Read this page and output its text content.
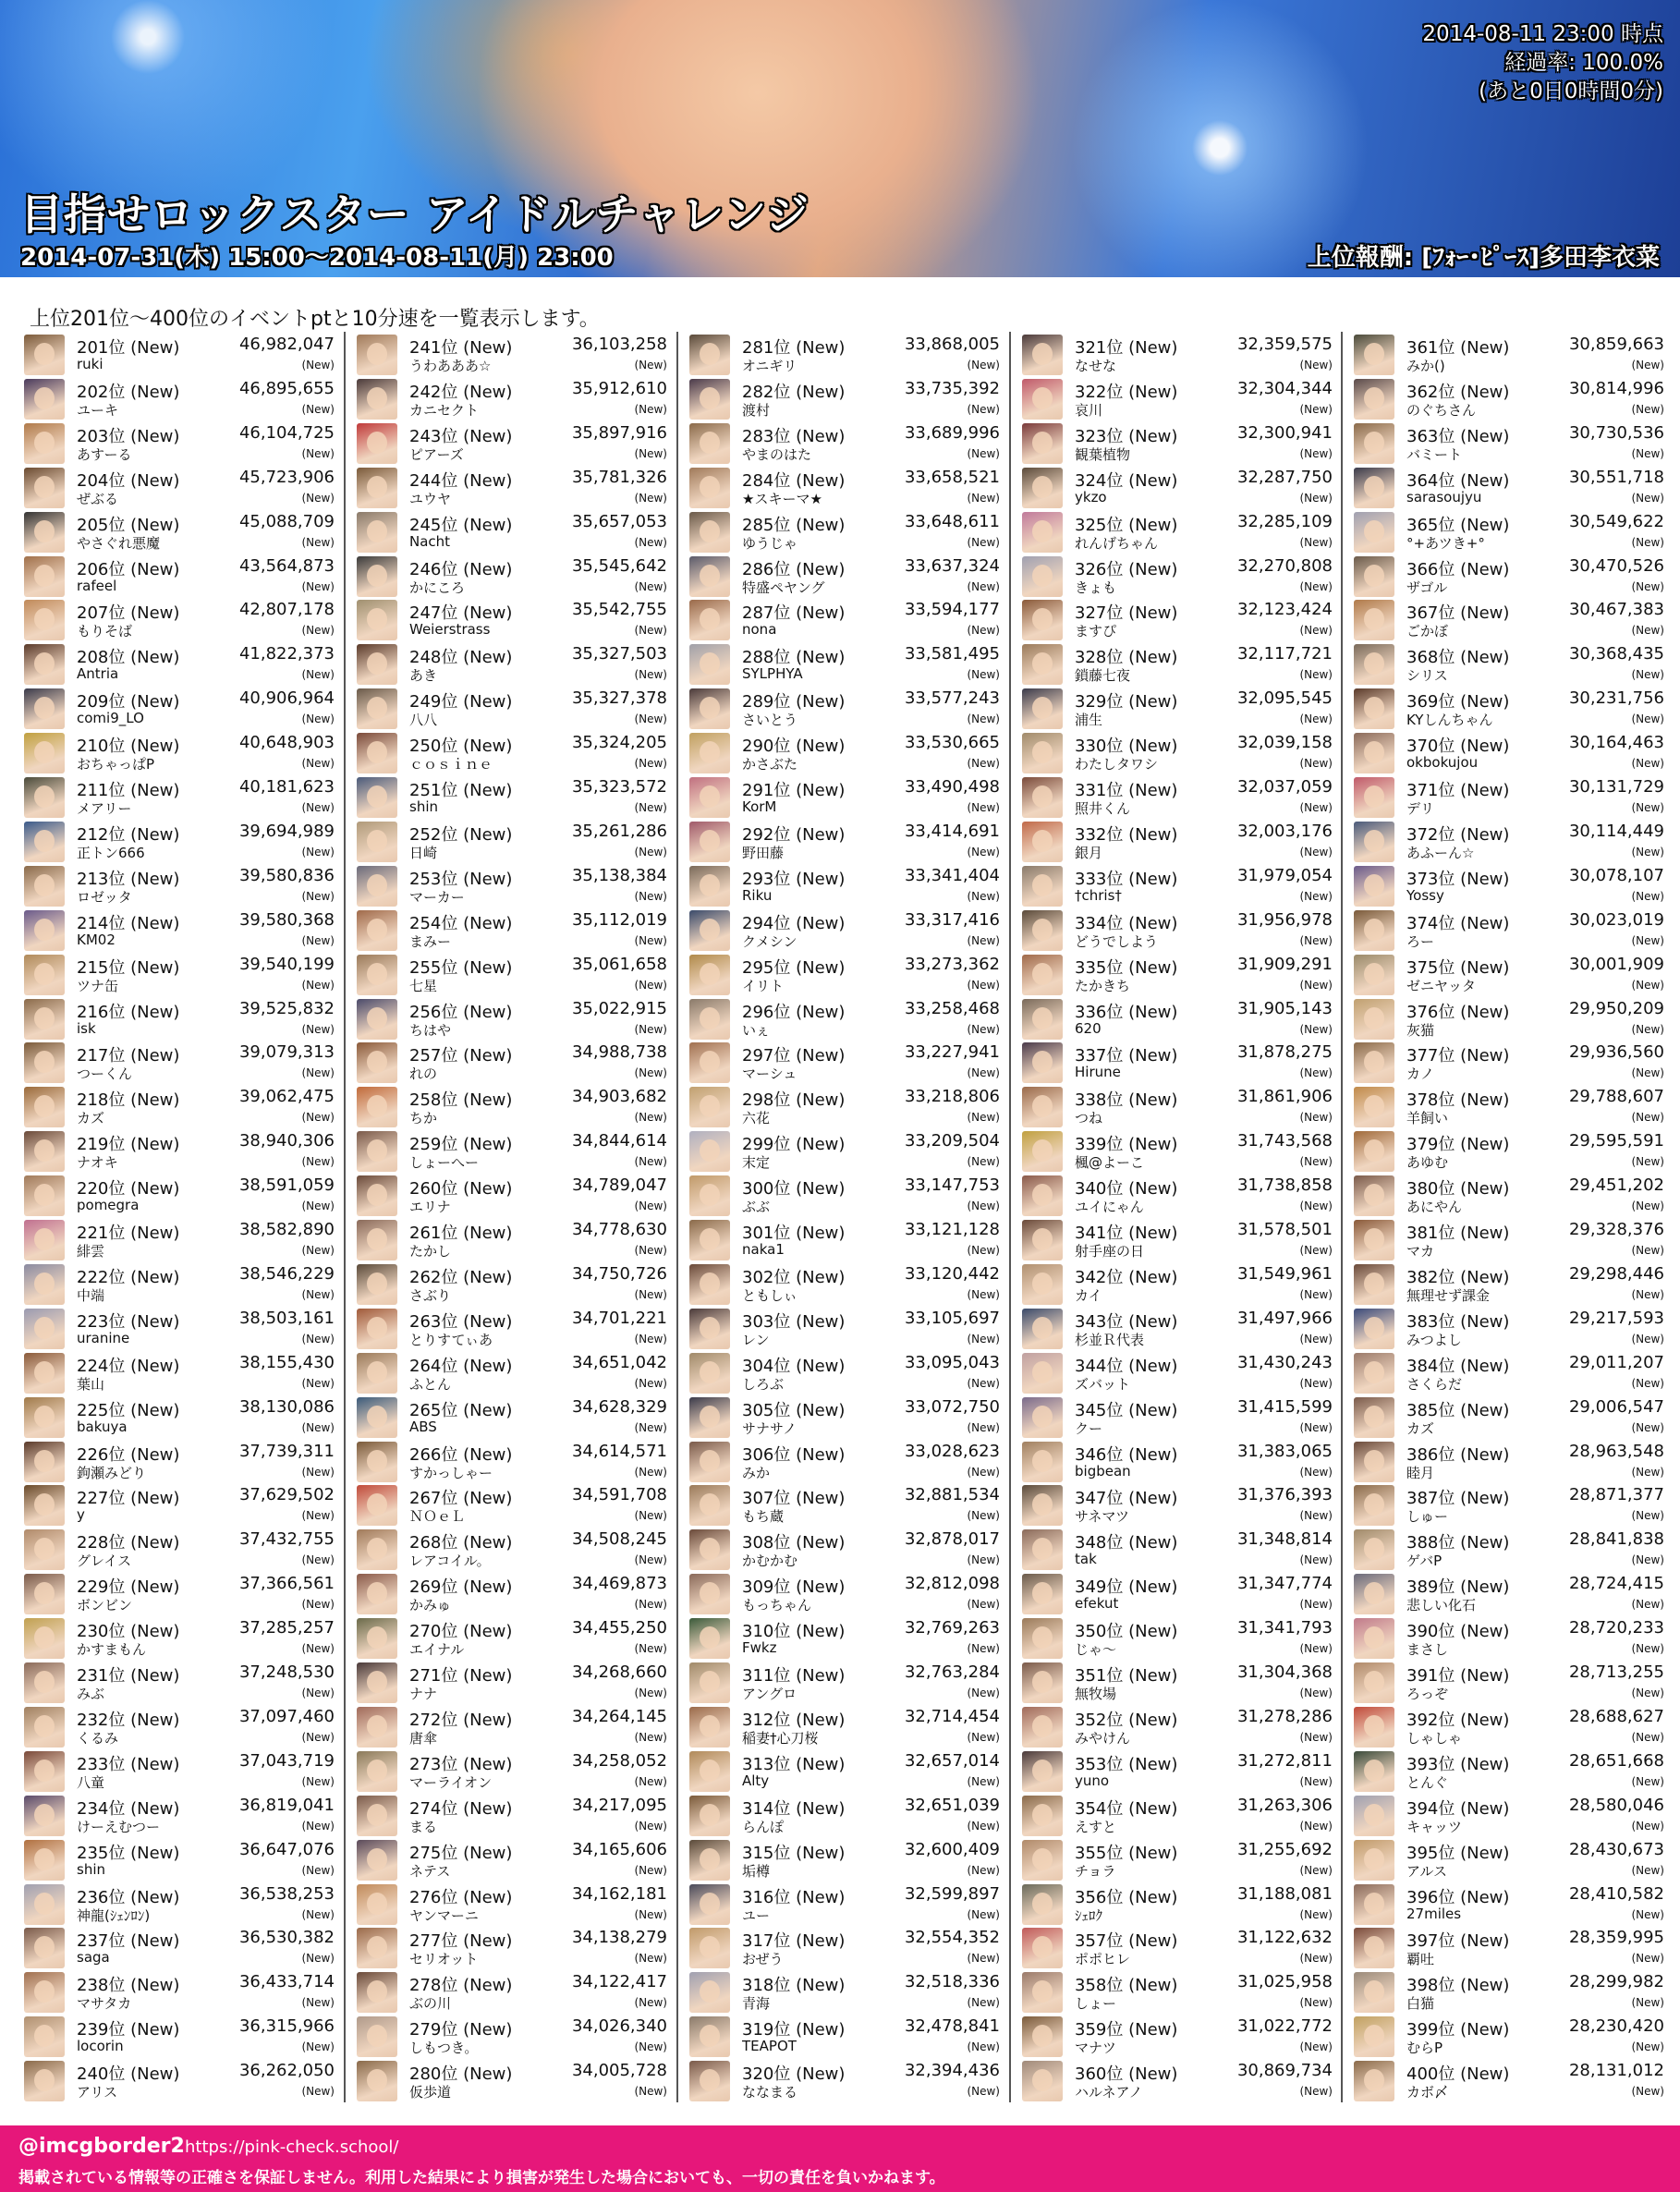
2014-08-11 23:00 時点
経過率: 100.0%
(あと0日0時間0分)
目指せロックスター アイドルチャレンジ
2014-07-31(木) 15:00～2014-08-11(月) 23:00	上位報酬: [ﾌｫｰ･ﾋﾟｰｽ]多田李衣菜
上位201位～400位のイベントptと10分速を一覧表示します。
201位 (New)	46,982,047
ruki	(New)
202位 (New)	46,895,655
ユーキ	(New)
203位 (New)	46,104,725
あすーる	(New)
204位 (New)	45,723,906
ぜぶる	(New)
205位 (New)	45,088,709
やさぐれ悪魔	(New)
206位 (New)	43,564,873
rafeel	(New)
207位 (New)	42,807,178
もりそば	(New)
208位 (New)	41,822,373
Antria	(New)
209位 (New)	40,906,964
comi9_LO	(New)
210位 (New)	40,648,903
おちゃっぱP	(New)
211位 (New)	40,181,623
メアリー	(New)
212位 (New)	39,694,989
正トン666	(New)
213位 (New)	39,580,836
ロゼッタ	(New)
214位 (New)	39,580,368
KM02	(New)
215位 (New)	39,540,199
ツナ缶	(New)
216位 (New)	39,525,832
isk	(New)
217位 (New)	39,079,313
つーくん	(New)
218位 (New)	39,062,475
カズ	(New)
219位 (New)	38,940,306
ナオキ	(New)
220位 (New)	38,591,059
pomegra	(New)
221位 (New)	38,582,890
緋雲	(New)
222位 (New)	38,546,229
中端	(New)
223位 (New)	38,503,161
uranine	(New)
224位 (New)	38,155,430
葉山	(New)
225位 (New)	38,130,086
bakuya	(New)
226位 (New)	37,739,311
鉤瀬みどり	(New)
227位 (New)	37,629,502
y	(New)
228位 (New)	37,432,755
グレイス	(New)
229位 (New)	37,366,561
ボンビン	(New)
230位 (New)	37,285,257
かすまもん	(New)
231位 (New)	37,248,530
みぶ	(New)
232位 (New)	37,097,460
くるみ	(New)
233位 (New)	37,043,719
八童	(New)
234位 (New)	36,819,041
けーえむつー	(New)
235位 (New)	36,647,076
shin	(New)
236位 (New)	36,538,253
神龍(ｼｪﾝﾛﾝ)	(New)
237位 (New)	36,530,382
saga	(New)
238位 (New)	36,433,714
マサタカ	(New)
239位 (New)	36,315,966
locorin	(New)
240位 (New)	36,262,050
アリス	(New)
241位 (New)	36,103,258
うわあああ☆	(New)
242位 (New)	35,912,610
カニセクト	(New)
243位 (New)	35,897,916
ピアーズ	(New)
244位 (New)	35,781,326
ユウヤ	(New)
245位 (New)	35,657,053
Nacht	(New)
246位 (New)	35,545,642
かにころ	(New)
247位 (New)	35,542,755
Weierstrass	(New)
248位 (New)	35,327,503
あき	(New)
249位 (New)	35,327,378
八八	(New)
250位 (New)	35,324,205
ｃｏｓｉｎｅ	(New)
251位 (New)	35,323,572
shin	(New)
252位 (New)	35,261,286
日崎	(New)
253位 (New)	35,138,384
マーカー	(New)
254位 (New)	35,112,019
まみー	(New)
255位 (New)	35,061,658
七星	(New)
256位 (New)	35,022,915
ちはや	(New)
257位 (New)	34,988,738
れの	(New)
258位 (New)	34,903,682
ちか	(New)
259位 (New)	34,844,614
しょーへー	(New)
260位 (New)	34,789,047
エリナ	(New)
261位 (New)	34,778,630
たかし	(New)
262位 (New)	34,750,726
さぶり	(New)
263位 (New)	34,701,221
とりすてぃあ	(New)
264位 (New)	34,651,042
ふとん	(New)
265位 (New)	34,628,329
ABS	(New)
266位 (New)	34,614,571
すかっしゃー	(New)
267位 (New)	34,591,708
ＮＯｅＬ	(New)
268位 (New)	34,508,245
レアコイル。	(New)
269位 (New)	34,469,873
かみゅ	(New)
270位 (New)	34,455,250
エイナル	(New)
271位 (New)	34,268,660
ナナ	(New)
272位 (New)	34,264,145
唐傘	(New)
273位 (New)	34,258,052
マーライオン	(New)
274位 (New)	34,217,095
まる	(New)
275位 (New)	34,165,606
ネテス	(New)
276位 (New)	34,162,181
ヤンマーニ	(New)
277位 (New)	34,138,279
セリオット	(New)
278位 (New)	34,122,417
ぶの川	(New)
279位 (New)	34,026,340
しもつき。	(New)
280位 (New)	34,005,728
仮歩道	(New)
281位 (New)	33,868,005
オニギリ	(New)
282位 (New)	33,735,392
渡村	(New)
283位 (New)	33,689,996
やまのはた	(New)
284位 (New)	33,658,521
★スキーマ★	(New)
285位 (New)	33,648,611
ゆうじゃ	(New)
286位 (New)	33,637,324
特盛ペヤング	(New)
287位 (New)	33,594,177
nona	(New)
288位 (New)	33,581,495
SYLPHYA	(New)
289位 (New)	33,577,243
さいとう	(New)
290位 (New)	33,530,665
かさぶた	(New)
291位 (New)	33,490,498
KorM	(New)
292位 (New)	33,414,691
野田藤	(New)
293位 (New)	33,341,404
Riku	(New)
294位 (New)	33,317,416
クメシン	(New)
295位 (New)	33,273,362
イリト	(New)
296位 (New)	33,258,468
いぇ	(New)
297位 (New)	33,227,941
マーシュ	(New)
298位 (New)	33,218,806
六花	(New)
299位 (New)	33,209,504
末定	(New)
300位 (New)	33,147,753
ぶぶ	(New)
301位 (New)	33,121,128
naka1	(New)
302位 (New)	33,120,442
ともしぃ	(New)
303位 (New)	33,105,697
レン	(New)
304位 (New)	33,095,043
しろぶ	(New)
305位 (New)	33,072,750
サナサノ	(New)
306位 (New)	33,028,623
みか	(New)
307位 (New)	32,881,534
もち蔵	(New)
308位 (New)	32,878,017
かむかむ	(New)
309位 (New)	32,812,098
もっちゃん	(New)
310位 (New)	32,769,263
Fwkz	(New)
311位 (New)	32,763,284
アングロ	(New)
312位 (New)	32,714,454
稲妻†心刀桜	(New)
313位 (New)	32,657,014
Alty	(New)
314位 (New)	32,651,039
らんぽ	(New)
315位 (New)	32,600,409
垢樽	(New)
316位 (New)	32,599,897
ユー	(New)
317位 (New)	32,554,352
おぜう	(New)
318位 (New)	32,518,336
青海	(New)
319位 (New)	32,478,841
TEAPOT	(New)
320位 (New)	32,394,436
ななまる	(New)
321位 (New)	32,359,575
なせな	(New)
322位 (New)	32,304,344
哀川	(New)
323位 (New)	32,300,941
観葉植物	(New)
324位 (New)	32,287,750
ykzo	(New)
325位 (New)	32,285,109
れんげちゃん	(New)
326位 (New)	32,270,808
きょも	(New)
327位 (New)	32,123,424
ますぴ	(New)
328位 (New)	32,117,721
鎖藤七夜	(New)
329位 (New)	32,095,545
浦生	(New)
330位 (New)	32,039,158
わたしタワシ	(New)
331位 (New)	32,037,059
照井くん	(New)
332位 (New)	32,003,176
銀月	(New)
333位 (New)	31,979,054
†chris†	(New)
334位 (New)	31,956,978
どうでしよう	(New)
335位 (New)	31,909,291
たかきち	(New)
336位 (New)	31,905,143
620	(New)
337位 (New)	31,878,275
Hirune	(New)
338位 (New)	31,861,906
つね	(New)
339位 (New)	31,743,568
楓@よーこ	(New)
340位 (New)	31,738,858
ユイにゃん	(New)
341位 (New)	31,578,501
射手座の日	(New)
342位 (New)	31,549,961
カイ	(New)
343位 (New)	31,497,966
杉並Ｒ代表	(New)
344位 (New)	31,430,243
ズバット	(New)
345位 (New)	31,415,599
クー	(New)
346位 (New)	31,383,065
bigbean	(New)
347位 (New)	31,376,393
サネマツ	(New)
348位 (New)	31,348,814
tak	(New)
349位 (New)	31,347,774
efekut	(New)
350位 (New)	31,341,793
じゃ～	(New)
351位 (New)	31,304,368
無牧場	(New)
352位 (New)	31,278,286
みやけん	(New)
353位 (New)	31,272,811
yuno	(New)
354位 (New)	31,263,306
えすと	(New)
355位 (New)	31,255,692
チョラ	(New)
356位 (New)	31,188,081
ｼｪﾛｸ	(New)
357位 (New)	31,122,632
ポポヒレ	(New)
358位 (New)	31,025,958
しょー	(New)
359位 (New)	31,022,772
マナツ	(New)
360位 (New)	30,869,734
ハルネアノ	(New)
361位 (New)	30,859,663
みか()	(New)
362位 (New)	30,814,996
のぐちさん	(New)
363位 (New)	30,730,536
バミート	(New)
364位 (New)	30,551,718
sarasoujyu	(New)
365位 (New)	30,549,622
°+あツき+°	(New)
366位 (New)	30,470,526
ザゴル	(New)
367位 (New)	30,467,383
ごかぼ	(New)
368位 (New)	30,368,435
シリス	(New)
369位 (New)	30,231,756
KYしんちゃん	(New)
370位 (New)	30,164,463
okbokujou	(New)
371位 (New)	30,131,729
デリ	(New)
372位 (New)	30,114,449
あふーん☆	(New)
373位 (New)	30,078,107
Yossy	(New)
374位 (New)	30,023,019
ろー	(New)
375位 (New)	30,001,909
ゼニヤッタ	(New)
376位 (New)	29,950,209
灰猫	(New)
377位 (New)	29,936,560
カノ	(New)
378位 (New)	29,788,607
羊飼い	(New)
379位 (New)	29,595,591
あゆむ	(New)
380位 (New)	29,451,202
あにやん	(New)
381位 (New)	29,328,376
マカ	(New)
382位 (New)	29,298,446
無理せず課金	(New)
383位 (New)	29,217,593
みつよし	(New)
384位 (New)	29,011,207
さくらだ	(New)
385位 (New)	29,006,547
カズ	(New)
386位 (New)	28,963,548
睦月	(New)
387位 (New)	28,871,377
しゅー	(New)
388位 (New)	28,841,838
ゲバP	(New)
389位 (New)	28,724,415
悲しい化石	(New)
390位 (New)	28,720,233
まさし	(New)
391位 (New)	28,713,255
ろっぞ	(New)
392位 (New)	28,688,627
しゃしゃ	(New)
393位 (New)	28,651,668
とんぐ	(New)
394位 (New)	28,580,046
キャッツ	(New)
395位 (New)	28,430,673
アルス	(New)
396位 (New)	28,410,582
27miles	(New)
397位 (New)	28,359,995
覇吐	(New)
398位 (New)	28,299,982
白猫	(New)
399位 (New)	28,230,420
むらP	(New)
400位 (New)	28,131,012
カボ〆	(New)
@imcgborder2 https://pink-check.school/
掲載されている情報等の正確さを保証しません。利用した結果により損害が発生した場合においても、一切の責任を負いかねます。
